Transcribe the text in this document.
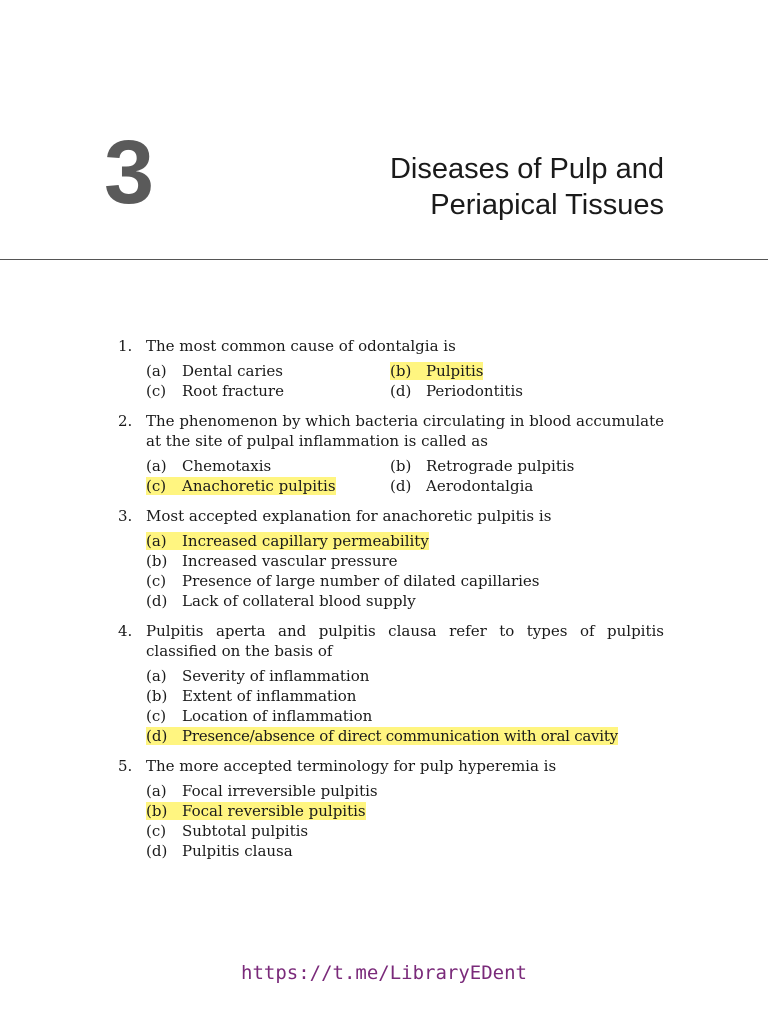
3	Diseases of Pulp and
Periapical Tissues
1. The most common cause of odontalgia is
(a) Dental caries	(b) Pulpitis
(c) Root fracture	(d) Periodontitis
2. The phenomenon by which bacteria circulating in blood accumulate at the site of pulpal inflammation is called as
(a) Chemotaxis	(b) Retrograde pulpitis
(c) Anachoretic pulpitis	(d) Aerodontalgia
3. Most accepted explanation for anachoretic pulpitis is
(a) Increased capillary permeability
(b) Increased vascular pressure
(c) Presence of large number of dilated capillaries
(d) Lack of collateral blood supply
4. Pulpitis aperta and pulpitis clausa refer to types of pulpitis classified on the basis of
(a) Severity of inflammation
(b) Extent of inflammation
(c) Location of inflammation
(d) Presence/absence of direct communication with oral cavity
5. The more accepted terminology for pulp hyperemia is
(a) Focal irreversible pulpitis
(b) Focal reversible pulpitis
(c) Subtotal pulpitis
(d) Pulpitis clausa
https://t.me/LibraryEDent
